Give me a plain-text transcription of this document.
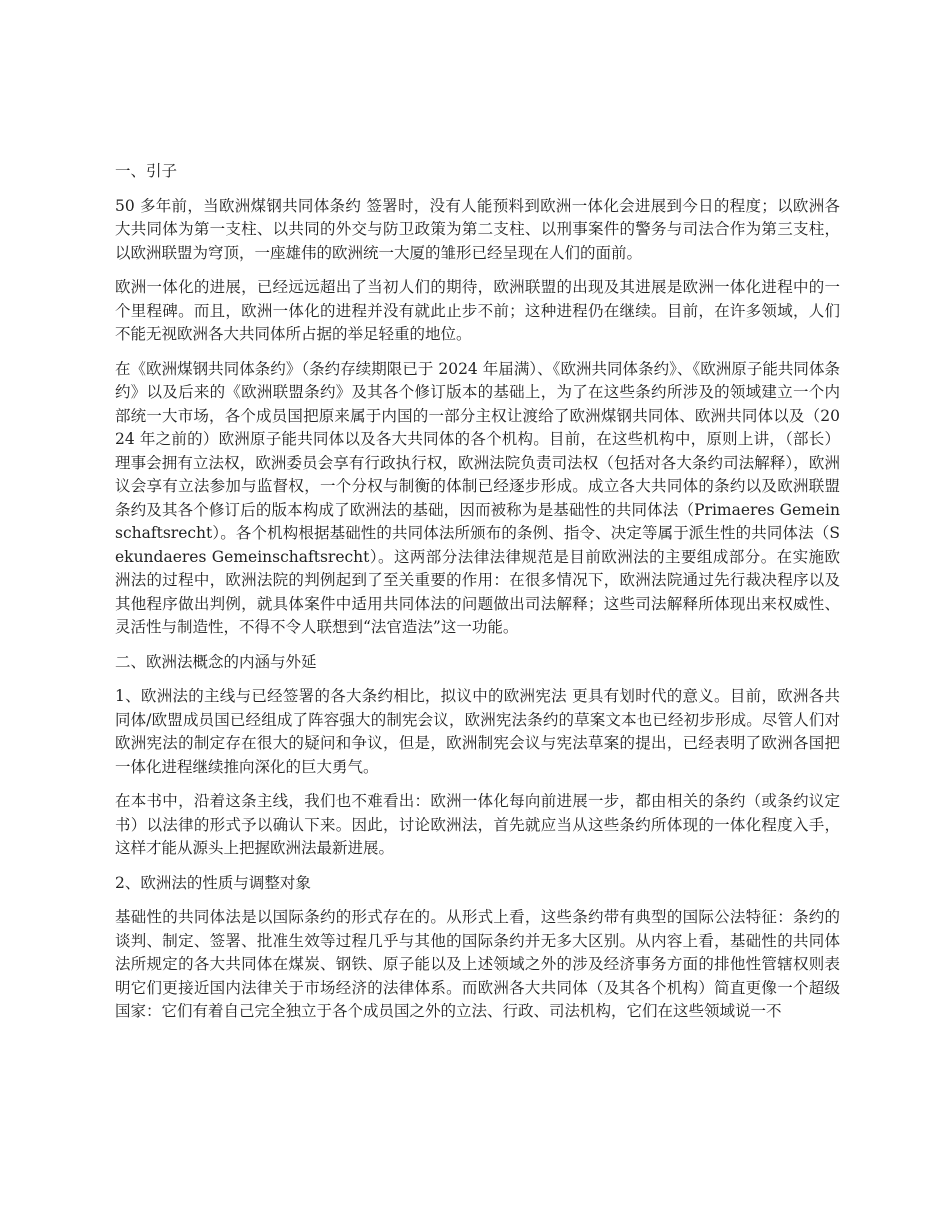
一、引子

50 多年前，当欧洲煤钢共同体条约 签署时，没有人能预料到欧洲一体化会进展到今日的程度；以欧洲各大共同体为第一支柱、以共同的外交与防卫政策为第二支柱、以刑事案件的警务与司法合作为第三支柱，以欧洲联盟为穹顶，一座雄伟的欧洲统一大厦的雏形已经呈现在人们的面前。

欧洲一体化的进展，已经远远超出了当初人们的期待，欧洲联盟的出现及其进展是欧洲一体化进程中的一个里程碑。而且，欧洲一体化的进程并没有就此止步不前；这种进程仍在继续。目前，在许多领域，人们不能无视欧洲各大共同体所占据的举足轻重的地位。

在《欧洲煤钢共同体条约》（条约存续期限已于 2024 年届满）、《欧洲共同体条约》、《欧洲原子能共同体条约》以及后来的《欧洲联盟条约》及其各个修订版本的基础上，为了在这些条约所涉及的领域建立一个内部统一大市场，各个成员国把原来属于内国的一部分主权让渡给了欧洲煤钢共同体、欧洲共同体以及（2024 年之前的）欧洲原子能共同体以及各大共同体的各个机构。目前，在这些机构中，原则上讲，（部长）理事会拥有立法权，欧洲委员会享有行政执行权，欧洲法院负责司法权（包括对各大条约司法解释），欧洲议会享有立法参加与监督权，一个分权与制衡的体制已经逐步形成。成立各大共同体的条约以及欧洲联盟条约及其各个修订后的版本构成了欧洲法的基础，因而被称为是基础性的共同体法（Primaeres Gemeinschaftsrecht）。各个机构根据基础性的共同体法所颁布的条例、指令、决定等属于派生性的共同体法（Sekundaeres Gemeinschaftsrecht）。这两部分法律法律规范是目前欧洲法的主要组成部分。在实施欧洲法的过程中，欧洲法院的判例起到了至关重要的作用：在很多情况下，欧洲法院通过先行裁决程序以及其他程序做出判例，就具体案件中适用共同体法的问题做出司法解释；这些司法解释所体现出来权威性、灵活性与制造性，不得不令人联想到“法官造法”这一功能。

二、欧洲法概念的内涵与外延

1、欧洲法的主线与已经签署的各大条约相比，拟议中的欧洲宪法 更具有划时代的意义。目前，欧洲各共同体/欧盟成员国已经组成了阵容强大的制宪会议，欧洲宪法条约的草案文本也已经初步形成。尽管人们对欧洲宪法的制定存在很大的疑问和争议，但是，欧洲制宪会议与宪法草案的提出，已经表明了欧洲各国把一体化进程继续推向深化的巨大勇气。

在本书中，沿着这条主线，我们也不难看出：欧洲一体化每向前进展一步，都由相关的条约（或条约议定书）以法律的形式予以确认下来。因此，讨论欧洲法，首先就应当从这些条约所体现的一体化程度入手，这样才能从源头上把握欧洲法最新进展。

2、欧洲法的性质与调整对象

基础性的共同体法是以国际条约的形式存在的。从形式上看，这些条约带有典型的国际公法特征：条约的谈判、制定、签署、批准生效等过程几乎与其他的国际条约并无多大区别。从内容上看，基础性的共同体法所规定的各大共同体在煤炭、钢铁、原子能以及上述领域之外的涉及经济事务方面的排他性管辖权则表明它们更接近国内法律关于市场经济的法律体系。而欧洲各大共同体（及其各个机构）简直更像一个超级国家：它们有着自己完全独立于各个成员国之外的立法、行政、司法机构，它们在这些领域说一不
